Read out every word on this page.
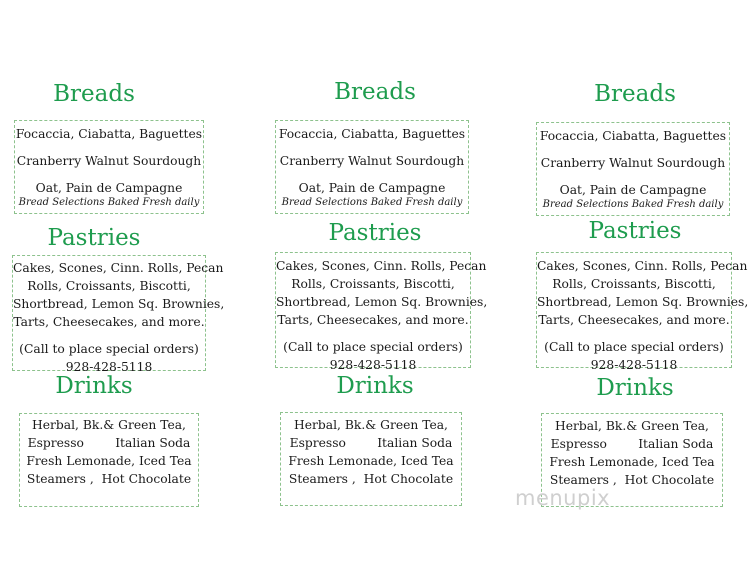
Breads
Focaccia, Ciabatta, Baguettes
Cranberry Walnut Sourdough
Oat, Pain de Campagne
Bread Selections Baked Fresh daily
Pastries
Cakes, Scones, Cinn. Rolls, Pecan
Rolls, Croissants, Biscotti,
Shortbread, Lemon Sq. Brownies,
Tarts, Cheesecakes, and more.
(Call to place special orders)
928-428-5118
Drinks
Herbal, Bk.& Green Tea,
Espresso        Italian Soda
Fresh Lemonade, Iced Tea
Steamers ,  Hot Chocolate
Breads
Focaccia, Ciabatta, Baguettes
Cranberry Walnut Sourdough
Oat, Pain de Campagne
Bread Selections Baked Fresh daily
Pastries
Cakes, Scones, Cinn. Rolls, Pecan
Rolls, Croissants, Biscotti,
Shortbread, Lemon Sq. Brownies,
Tarts, Cheesecakes, and more.
(Call to place special orders)
928-428-5118
Drinks
Herbal, Bk.& Green Tea,
Espresso        Italian Soda
Fresh Lemonade, Iced Tea
Steamers ,  Hot Chocolate
Breads
Focaccia, Ciabatta, Baguettes
Cranberry Walnut Sourdough
Oat, Pain de Campagne
Bread Selections Baked Fresh daily
Pastries
Cakes, Scones, Cinn. Rolls, Pecan
Rolls, Croissants, Biscotti,
Shortbread, Lemon Sq. Brownies,
Tarts, Cheesecakes, and more.
(Call to place special orders)
928-428-5118
Drinks
Herbal, Bk.& Green Tea,
Espresso        Italian Soda
Fresh Lemonade, Iced Tea
Steamers ,  Hot Chocolate
menupix
